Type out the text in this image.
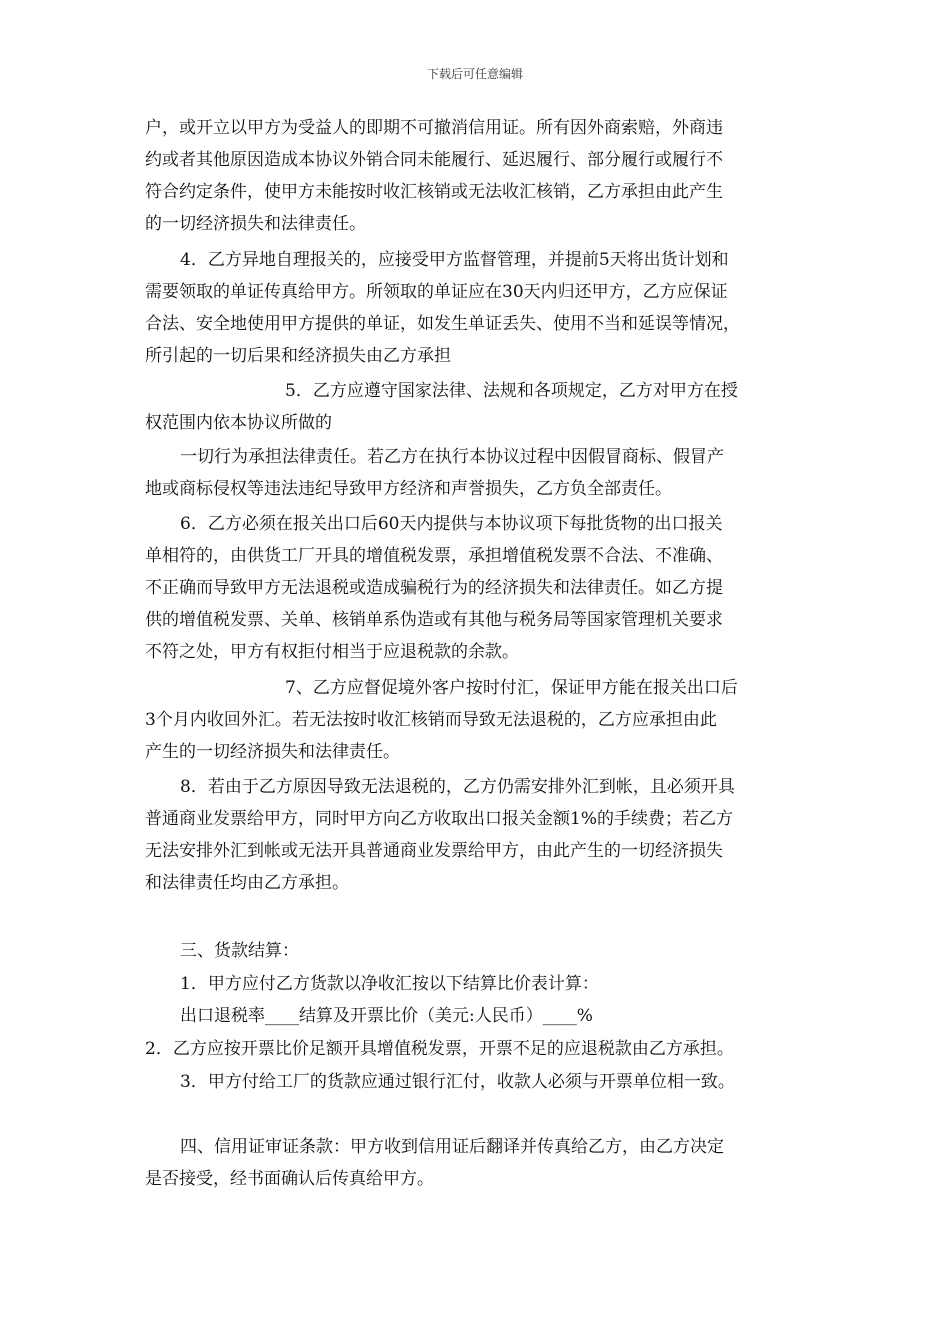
下载后可任意编辑
户，或开立以甲方为受益人的即期不可撤消信用证。所有因外商索赔，外商违
约或者其他原因造成本协议外销合同未能履行、延迟履行、部分履行或履行不
符合约定条件，使甲方未能按时收汇核销或无法收汇核销，乙方承担由此产生
的一切经济损失和法律责任。
4．乙方异地自理报关的，应接受甲方监督管理，并提前5天将出货计划和
需要领取的单证传真给甲方。所领取的单证应在30天内归还甲方，乙方应保证
合法、安全地使用甲方提供的单证，如发生单证丢失、使用不当和延误等情况，
所引起的一切后果和经济损失由乙方承担
5．乙方应遵守国家法律、法规和各项规定，乙方对甲方在授
权范围内依本协议所做的
一切行为承担法律责任。若乙方在执行本协议过程中因假冒商标、假冒产
地或商标侵权等违法违纪导致甲方经济和声誉损失，乙方负全部责任。
6．乙方必须在报关出口后60天内提供与本协议项下每批货物的出口报关
单相符的，由供货工厂开具的增值税发票，承担增值税发票不合法、不准确、
不正确而导致甲方无法退税或造成骗税行为的经济损失和法律责任。如乙方提
供的增值税发票、关单、核销单系伪造或有其他与税务局等国家管理机关要求
不符之处，甲方有权拒付相当于应退税款的余款。
7、乙方应督促境外客户按时付汇，保证甲方能在报关出口后
3个月内收回外汇。若无法按时收汇核销而导致无法退税的，乙方应承担由此
产生的一切经济损失和法律责任。
8．若由于乙方原因导致无法退税的，乙方仍需安排外汇到帐，且必须开具
普通商业发票给甲方，同时甲方向乙方收取出口报关金额1%的手续费；若乙方
无法安排外汇到帐或无法开具普通商业发票给甲方，由此产生的一切经济损失
和法律责任均由乙方承担。
三、货款结算：
1．甲方应付乙方货款以净收汇按以下结算比价表计算：
出口退税率____结算及开票比价（美元:人民币）____%
2．乙方应按开票比价足额开具增值税发票，开票不足的应退税款由乙方承担。
3．甲方付给工厂的货款应通过银行汇付，收款人必须与开票单位相一致。
四、信用证审证条款：甲方收到信用证后翻译并传真给乙方，由乙方决定
是否接受，经书面确认后传真给甲方。
